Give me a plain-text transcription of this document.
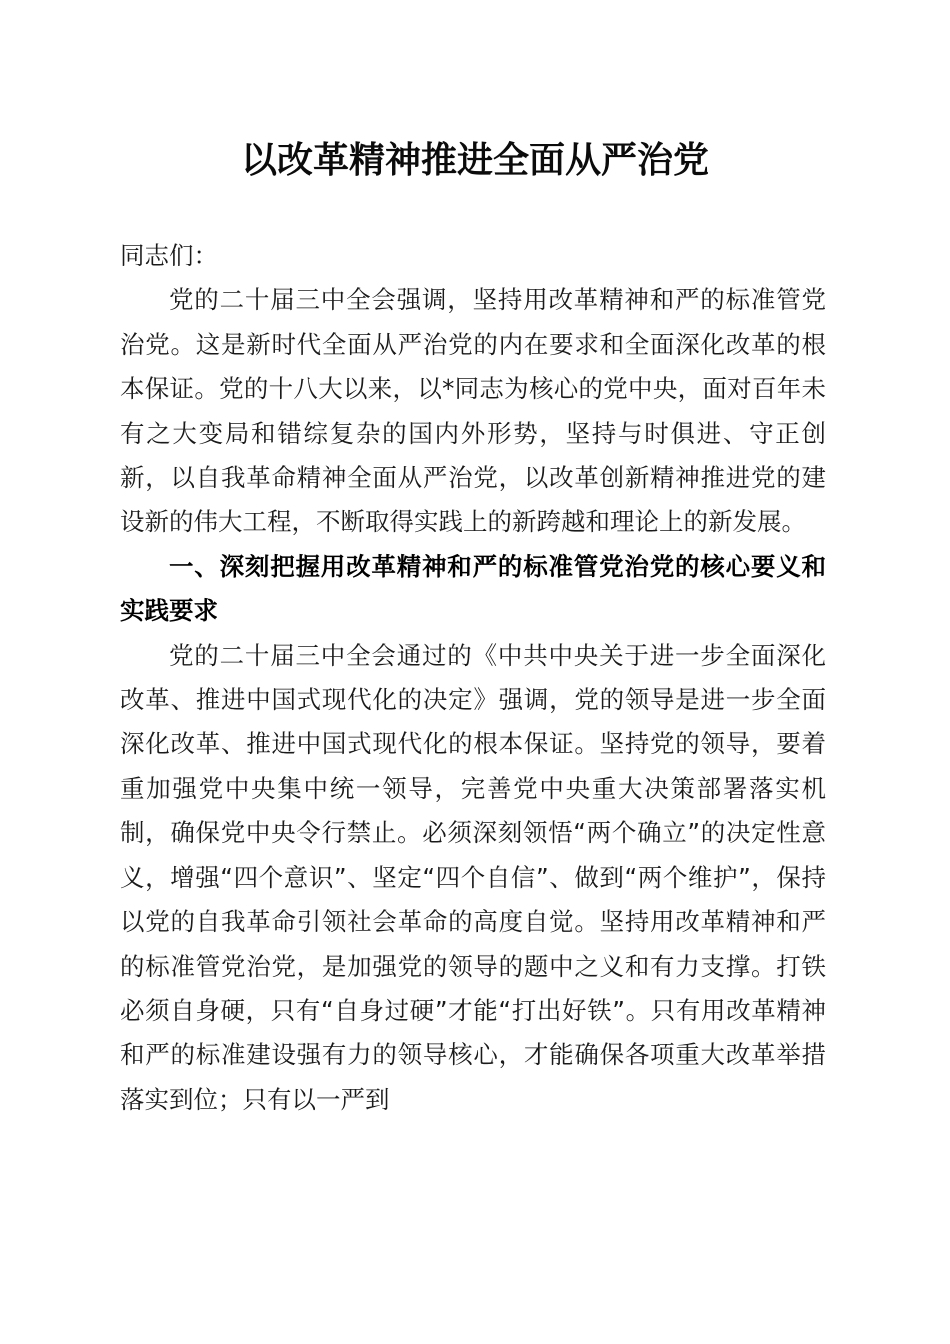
以改革精神推进全面从严治党

同志们：

党的二十届三中全会强调，坚持用改革精神和严的标准管党治党。这是新时代全面从严治党的内在要求和全面深化改革的根本保证。党的十八大以来，以*同志为核心的党中央，面对百年未有之大变局和错综复杂的国内外形势，坚持与时俱进、守正创新，以自我革命精神全面从严治党，以改革创新精神推进党的建设新的伟大工程，不断取得实践上的新跨越和理论上的新发展。

一、深刻把握用改革精神和严的标准管党治党的核心要义和实践要求

党的二十届三中全会通过的《中共中央关于进一步全面深化改革、推进中国式现代化的决定》强调，党的领导是进一步全面深化改革、推进中国式现代化的根本保证。坚持党的领导，要着重加强党中央集中统一领导，完善党中央重大决策部署落实机制，确保党中央令行禁止。必须深刻领悟“两个确立”的决定性意义，增强“四个意识”、坚定“四个自信”、做到“两个维护”，保持以党的自我革命引领社会革命的高度自觉。坚持用改革精神和严的标准管党治党，是加强党的领导的题中之义和有力支撑。打铁必须自身硬，只有“自身过硬”才能“打出好铁”。只有用改革精神和严的标准建设强有力的领导核心，才能确保各项重大改革举措落实到位；只有以一严到
